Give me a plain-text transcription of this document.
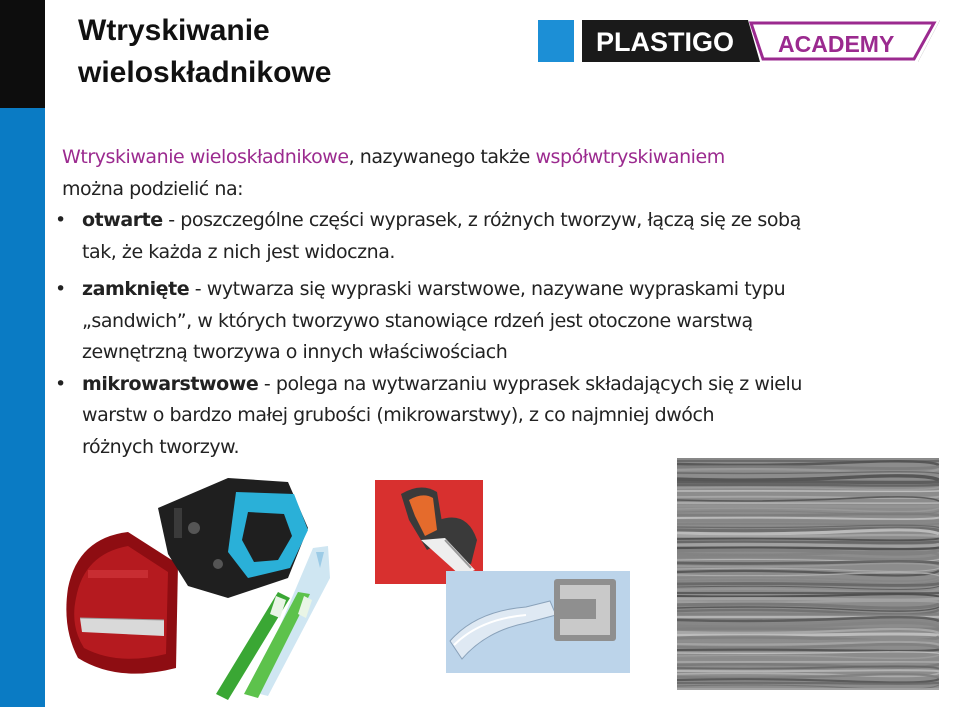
Wtryskiwanie wieloskładnikowe
PLASTIGO ACADEMY
Wtryskiwanie wieloskładnikowe, nazywanego także współwtryskiwaniem
można podzielić na:
• otwarte - poszczególne części wyprasek, z różnych tworzyw, łączą się ze sobą
tak, że każda z nich jest widoczna.
• zamknięte - wytwarza się wypraski warstwowe, nazywane wypraskami typu
„sandwich”, w których tworzywo stanowiące rdzeń jest otoczone warstwą
zewnętrzną tworzywa o innych właściwościach
• mikrowarstwowe - polega na wytwarzaniu wyprasek składających się z wielu
warstw o bardzo małej grubości (mikrowarstwy), z co najmniej dwóch
różnych tworzyw.
